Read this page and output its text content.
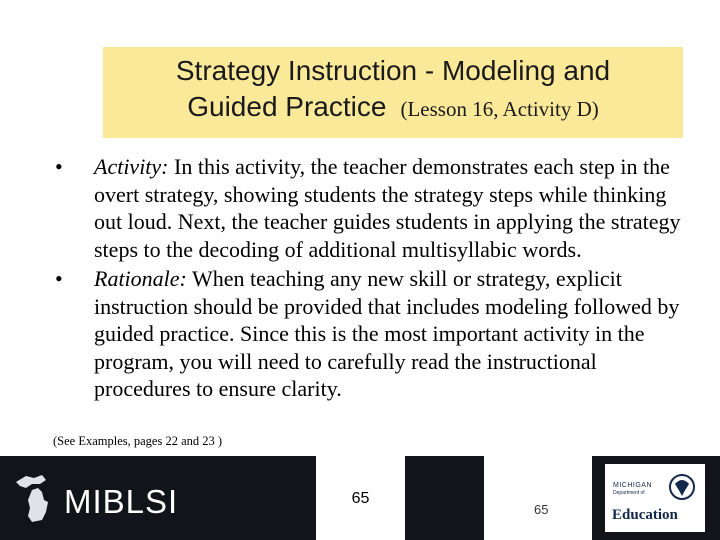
Strategy Instruction - Modeling and
Guided Practice (Lesson 16, Activity D)
• Activity: In this activity, the teacher demonstrates each step in the overt strategy, showing students the strategy steps while thinking out loud. Next, the teacher guides students in applying the strategy steps to the decoding of additional multisyllabic words.
• Rationale: When teaching any new skill or strategy, explicit instruction should be provided that includes modeling followed by guided practice. Since this is the most important activity in the program, you will need to carefully read the instructional procedures to ensure clarity.
(See Examples, pages 22 and 23 )
MIBLSI	65
65
MICHIGAN
Department of
Education
